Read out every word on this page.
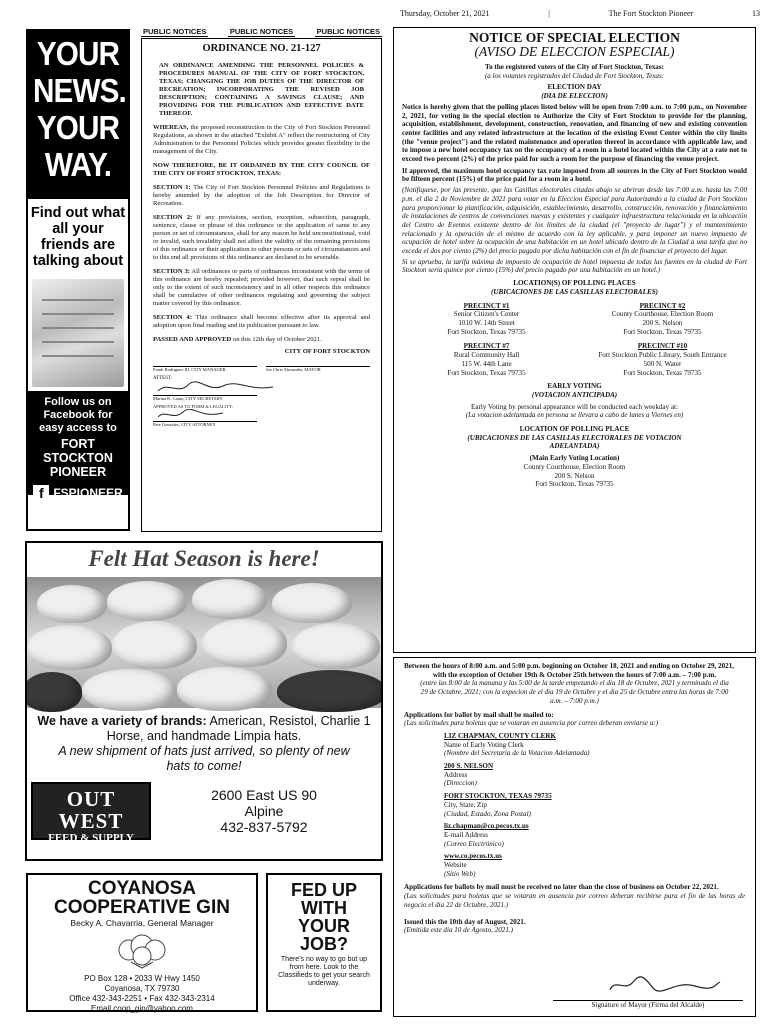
Thursday, October 21, 2021	|	The Fort Stockton Pioneer	13
YOUR
NEWS.
YOUR
WAY.
Find out what all your friends are talking about
Follow us on Facebook for easy access to
FORT STOCKTON PIONEER
f FSPIONEER
PUBLIC NOTICES	PUBLIC NOTICES	PUBLIC NOTICES
ORDINANCE NO. 21-127
AN ORDINANCE AMENDING THE PERSONNEL POLICIES & PROCEDURES MANUAL OF THE CITY OF FORT STOCKTON, TEXAS; CHANGING THE JOB DUTIES OF THE DIRECTOR OF RECREATION; INCORPORATING THE REVISED JOB DESCRIPTION; CONTAINING A SAVINGS CLAUSE; AND PROVIDING FOR THE PUBLICATION AND EFFECTIVE DATE THEREOF.
WHEREAS, the proposed reconstruction in the City of Fort Stockton Personnel Regulations, as shown in the attached "Exhibit A" reflect the restructuring of City Administration to the Personnel Policies which provides greater flexibility in the management of the City.
NOW THEREFORE, BE IT ORDAINED BY THE CITY COUNCIL OF THE CITY OF FORT STOCKTON, TEXAS:
SECTION 1: The City of Fort Stockton Personnel Policies and Regulations is hereby amended by the adoption of the Job Description for Director of Recreation.
SECTION 2: If any provisions, section, exception, subsection, paragraph, sentence, clause or phrase of this ordinance or the application of same to any person or set of circumstances, shall for any reason be held unconstitutional, void or invalid, such invalidity shall not affect the validity of the remaining provisions of this ordinance or their application to other persons or sets of circumstances and to this end all provisions of this ordinance are declared to be severable.
SECTION 3: All ordinances or parts of ordinances inconsistent with the terms of this ordinance are hereby repealed; provided however, that such repeal shall be only to the extent of such inconsistency and in all other respects this ordinance shall be cumulative of other ordinances regulating and governing the subject matter covered by this ordinance.
SECTION 4: This ordinance shall become effective after its approval and adoption upon final reading and its publication pursuant to law.
PASSED AND APPROVED on this 12th day of October 2021.
CITY OF FORT STOCKTON
Frank Rodriguez III, CITY MANAGER	Joe Chris Alexander, MAYOR
ATTEST:
Marina K. Cantu, CITY SECRETARY
APPROVED AS TO FORM & LEGALITY:
Pete Gonzales, CITY ATTORNEY
Felt Hat Season is here!
We have a variety of brands: American, Resistol, Charlie 1 Horse, and handmade Limpia hats.
A new shipment of hats just arrived, so plenty of new hats to come!
OUT WEST
FEED & SUPPLY
ALPINE, TX
2600 East US 90
Alpine
432-837-5792
COYANOSA
COOPERATIVE GIN
Becky A. Chavarria, General Manager
PO Box 128 • 2033 W Hwy 1450
Coyanosa, TX 79730
Office 432-343-2251 • Fax 432-343-2314
Email coop_gin@yahoo.com
FED UP
WITH
YOUR
JOB?
There's no way to go but up from here. Look to the Classifieds to get your search underway.
NOTICE OF SPECIAL ELECTION
(AVISO DE ELECCION ESPECIAL)
To the registered voters of the City of Fort Stockton, Texas:
(a los votantes registrados del Ciudad de Fort Stockton, Texas:
ELECTION DAY
(DIA DE ELECCION)
Notice is hereby given that the polling places listed below will be open from 7:00 a.m. to 7:00 p.m., on November 2, 2021, for voting in the special election to Authorize the City of Fort Stockton to provide for the planning, acquisition, establishment, development, construction, renovation, and financing of new and existing convention center facilities and any related infrastructure at the location of the existing Event Center within the city limits (the "venue project") and the related maintenance and operation thereof in accordance with applicable law, and to impose a new hotel occupancy tax on the occupancy of a room in a hotel located within the City at a rate not to exceed two percent (2%) of the price paid for such a room for the purpose of financing the venue project.
If approved, the maximum hotel occupancy tax rate imposed from all sources in the City of Fort Stockton would be fifteen percent (15%) of the price paid for a room in a hotel.
(Notifiquese, por las presente, que las Casillas electorales citadas abajo se abriran desde las 7:00 a.m. hasta las 7:00 p.m. el dia 2 de Noviembre de 2021 para votar en la Eleccion Especial para Autorizando a la ciudad de Fort Stockton para proporcionar la planificación, adquisición, establecimiento, desarrollo, construcción, renovación y financiamiento de instalaciones de centros de convenciones nuevas y existentes y cualquier infraestructura relacionada en la ubicación del Centro de Eventos existente dentro de los límites de la ciudad (el "proyecto de lugar") y el mantenimiento relacionado y la operación de el mismo de acuerdo con la ley aplicable, y para imponer un nuevo impuesto de ocupación de hotel sobre la ocupación de una habitación en un hotel ubicado dentro de la Ciudad a una tarifa que no exceda el dos por ciento (2%) del precio pagado por dicha habitación con el fin de financiar el proyecto del lugar.
Si se aprueba, la tarifa máxima de impuesto de ocupación de hotel impuesta de todas las fuentes en la ciudad de Fort Stockton sería quince por ciento (15%) del precio pagado por una habitación en un hotel.)
LOCATION(S) OF POLLING PLACES
(UBICACIONES DE LAS CASILLAS ELECTORALES)
PRECINCT #1
Senior Citizen's Center
1010 W. 14th Street
Fort Stockton, Texas 79735
PRECINCT #2
County Courthouse, Election Room
200 S. Nelson
Fort Stockton, Texas 79735
PRECINCT #7
Rural Community Hall
115 W. 44th Lane
Fort Stockton, Texas 79735
PRECINCT #10
Fort Stockton Public Library, South Entrance
500 N. Water
Fort Stockton, Texas 79735
EARLY VOTING
(VOTACION ANTICIPADA)
Early Voting by personal appearance will be conducted each weekday at:
(La votacion adelantada en persona se llevara a cabo de lunes a Viernes en)
LOCATION OF POLLING PLACE
(UBICACIONES DE LAS CASILLAS ELECTORALES DE VOTACION ADELANTADA)
(Main Early Voting Location)
County Courthouse, Election Room
200 S. Nelson
Fort Stockton, Texas 79735
Between the hours of 8:00 a.m. and 5:00 p.m. beginning on October 18, 2021 and ending on October 29, 2021,
with the exception of October 19th & October 25th between the hours of 7:00 a.m. – 7:00 p.m.
(entre las 8:00 de la manana y las 5:00 de la tarde empezando el dia 18 de Octubre, 2021 y terminado el dia 29 de Octubre, 2021; con la expecion de el dia 19 de Octubre y el dia 25 de Octubre entra las horas de 7:00 a.m. – 7:00 p.m.)
Applications for ballot by mail shall be mailed to:
(Las solicitudes para boletas que se votaran en ausencia por correo deberan enviarse a:)
LIZ CHAPMAN, COUNTY CLERK
Name of Early Voting Clerk
(Nombre del Secretaria de la Votacion Adelantada)
200 S. NELSON
Address
(Direccion)
FORT STOCKTON, TEXAS 79735
City, State, Zip
(Ciudad, Estado, Zona Postal)
liz.chapman@co.pecos.tx.us
E-mail Address
(Correo Electrónico)
www.co.pecos.tx.us
Website
(Sitio Web)
Applications for ballots by mail must be received no later than the close of business on October 22, 2021.
(Las solicitudes para boletas que se votaran en ausencia por correo deberan recibirse para el fin de las horas de negocio el dia 22 de Octubre, 2021.)
Issued this the 10th day of August, 2021.
(Emitida este dia 10 de Agosto, 2021.)
Signature of Mayor (Firma del Alcalde)
